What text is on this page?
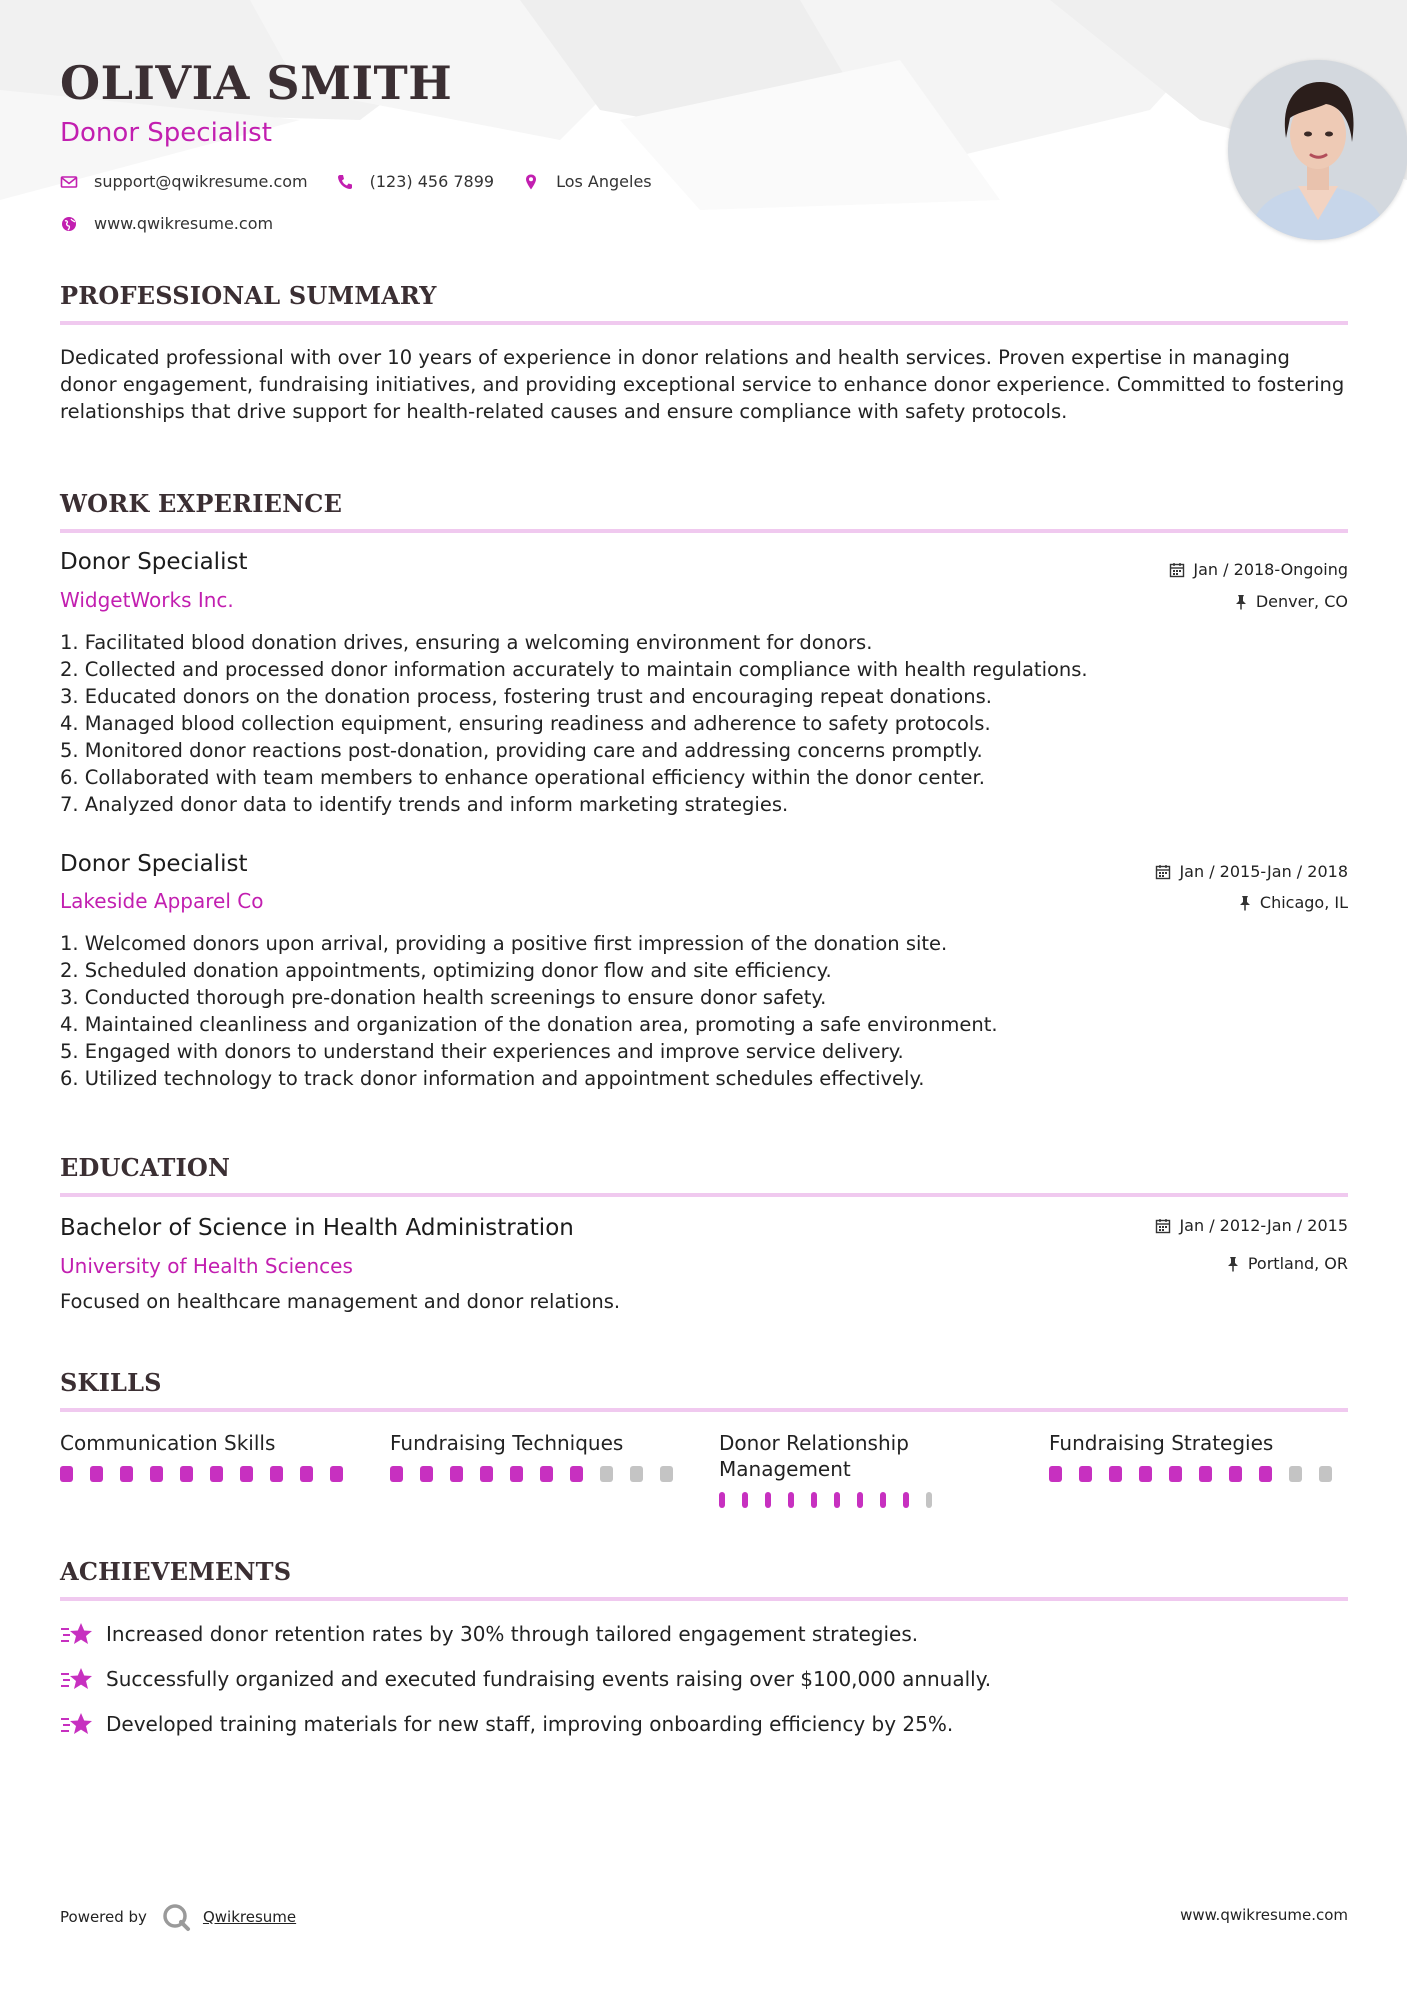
OLIVIA SMITH
Donor Specialist
support@qwikresume.com	(123) 456 7899	Los Angeles
www.qwikresume.com
PROFESSIONAL SUMMARY

Dedicated professional with over 10 years of experience in donor relations and health services. Proven expertise in managing donor engagement, fundraising initiatives, and providing exceptional service to enhance donor experience. Committed to fostering relationships that drive support for health-related causes and ensure compliance with safety protocols.

WORK EXPERIENCE
Donor Specialist
WidgetWorks Inc.
Jan / 2018-Ongoing
Denver, CO
1. Facilitated blood donation drives, ensuring a welcoming environment for donors.
2. Collected and processed donor information accurately to maintain compliance with health regulations.
3. Educated donors on the donation process, fostering trust and encouraging repeat donations.
4. Managed blood collection equipment, ensuring readiness and adherence to safety protocols.
5. Monitored donor reactions post-donation, providing care and addressing concerns promptly.
6. Collaborated with team members to enhance operational efficiency within the donor center.
7. Analyzed donor data to identify trends and inform marketing strategies.
Donor Specialist
Lakeside Apparel Co
Jan / 2015-Jan / 2018
Chicago, IL
1. Welcomed donors upon arrival, providing a positive first impression of the donation site.
2. Scheduled donation appointments, optimizing donor flow and site efficiency.
3. Conducted thorough pre-donation health screenings to ensure donor safety.
4. Maintained cleanliness and organization of the donation area, promoting a safe environment.
5. Engaged with donors to understand their experiences and improve service delivery.
6. Utilized technology to track donor information and appointment schedules effectively.
EDUCATION
Bachelor of Science in Health Administration
University of Health Sciences
Jan / 2012-Jan / 2015
Portland, OR
Focused on healthcare management and donor relations.
SKILLS
Communication Skills	Fundraising Techniques	Donor Relationship Management
Fundraising Strategies
ACHIEVEMENTS
Increased donor retention rates by 30% through tailored engagement strategies.
Successfully organized and executed fundraising events raising over $100,000 annually.
Developed training materials for new staff, improving onboarding efficiency by 25%.
Powered by	Qwikresume	www.qwikresume.com
